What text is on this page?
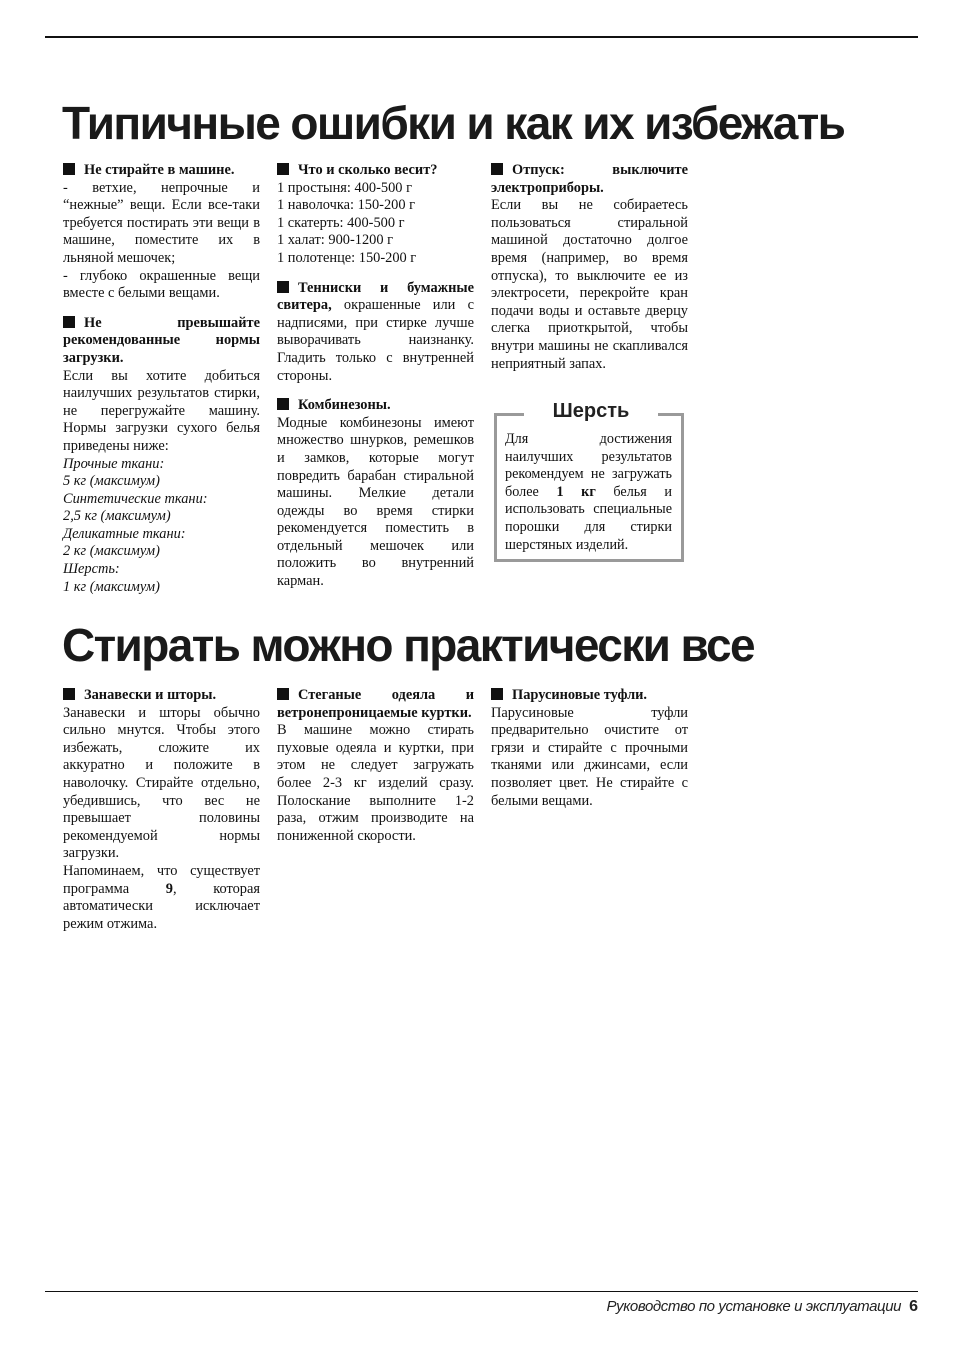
Типичные ошибки и как их избежать

Не стирайте в машине.

- ветхие, непрочные и “нежные” вещи. Если все-таки требуется постирать эти вещи в машине, поместите их в льняной мешочек;

- глубоко окрашенные вещи вместе с белыми вещами.

Не превышайте рекомендованные нормы загрузки.

Если вы хотите добиться наилучших результатов стирки, не перегружайте машину. Нормы загрузки сухого белья приведены ниже:

Прочные ткани:

5 кг (максимум)

Синтетические ткани:

2,5 кг (максимум)

Деликатные ткани:

2 кг (максимум)

Шерсть:

1 кг (максимум)

Что и сколько весит?

1 простыня: 400-500 г
1 наволочка: 150-200 г
1 скатерть: 400-500 г
1 халат: 900-1200 г
1 полотенце: 150-200 г

Тенниски и бумажные свитера, окрашенные или с надписями, при стирке лучше выворачивать наизнанку. Гладить только с внутренней стороны.

Комбинезоны.

Модные комбинезоны имеют множество шнурков, ремешков и замков, которые могут повредить барабан стиральной машины. Мелкие детали одежды во время стирки рекомендуется поместить в отдельный мешочек или положить во внутренний карман.

Отпуск: выключите электроприборы.

Если вы не собираетесь пользоваться стиральной машиной достаточно долгое время (например, во время отпуска), то выключите ее из электросети, перекройте кран подачи воды и оставьте дверцу слегка приоткрытой, чтобы внутри машины не скапливался неприятный запах.

Шерсть
Для достижения наилучших результатов рекомендуем не загружать более 1 кг белья и использовать специальные порошки для стирки шерстяных изделий.
Стирать можно практически все

Занавески и шторы.

Занавески и шторы обычно сильно мнутся. Чтобы этого избежать, сложите их аккуратно и положите в наволочку. Стирайте отдельно, убедившись, что вес не превышает половины рекомендуемой нормы загрузки.

Напоминаем, что существует программа	9, которая автоматически исключает режим отжима.

Стеганые одеяла и ветронепроницаемые куртки.

В машине можно стирать пуховые одеяла и куртки, при этом не следует загружать более 2-3 кг изделий сразу. Полоскание выполните 1-2 раза, отжим производите на пониженной скорости.

Парусиновые туфли.

Парусиновые туфли предварительно очистите от грязи и стирайте с прочными тканями или джинсами, если позволяет цвет. Не стирайте с белыми вещами.

Руководство по установке и эксплуатации 6
